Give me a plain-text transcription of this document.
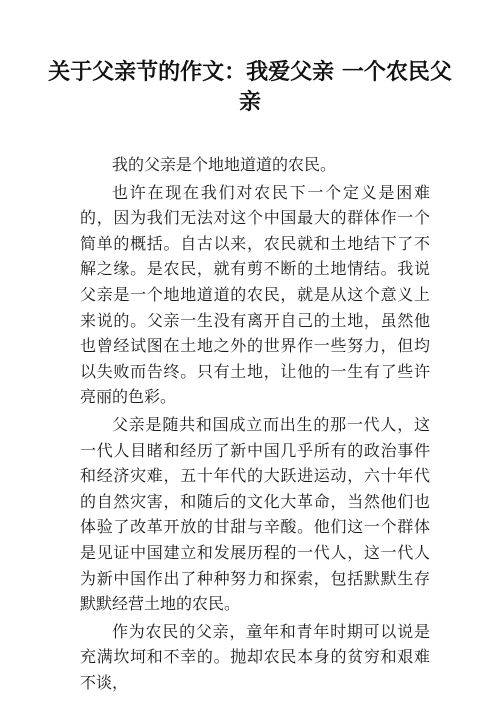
关于父亲节的作文：我爱父亲 一个农民父亲

我的父亲是个地地道道的农民。

也许在现在我们对农民下一个定义是困难的，因为我们无法对这个中国最大的群体作一个简单的概括。自古以来，农民就和土地结下了不解之缘。是农民，就有剪不断的土地情结。我说父亲是一个地地道道的农民，就是从这个意义上来说的。父亲一生没有离开自己的土地，虽然他也曾经试图在土地之外的世界作一些努力，但均以失败而告终。只有土地，让他的一生有了些许亮丽的色彩。

父亲是随共和国成立而出生的那一代人，这一代人目睹和经历了新中国几乎所有的政治事件和经济灾难，五十年代的大跃进运动，六十年代的自然灾害，和随后的文化大革命，当然他们也体验了改革开放的甘甜与辛酸。他们这一个群体是见证中国建立和发展历程的一代人，这一代人为新中国作出了种种努力和探索，包括默默生存默默经营土地的农民。

作为农民的父亲，童年和青年时期可以说是充满坎坷和不幸的。抛却农民本身的贫穷和艰难不谈，
